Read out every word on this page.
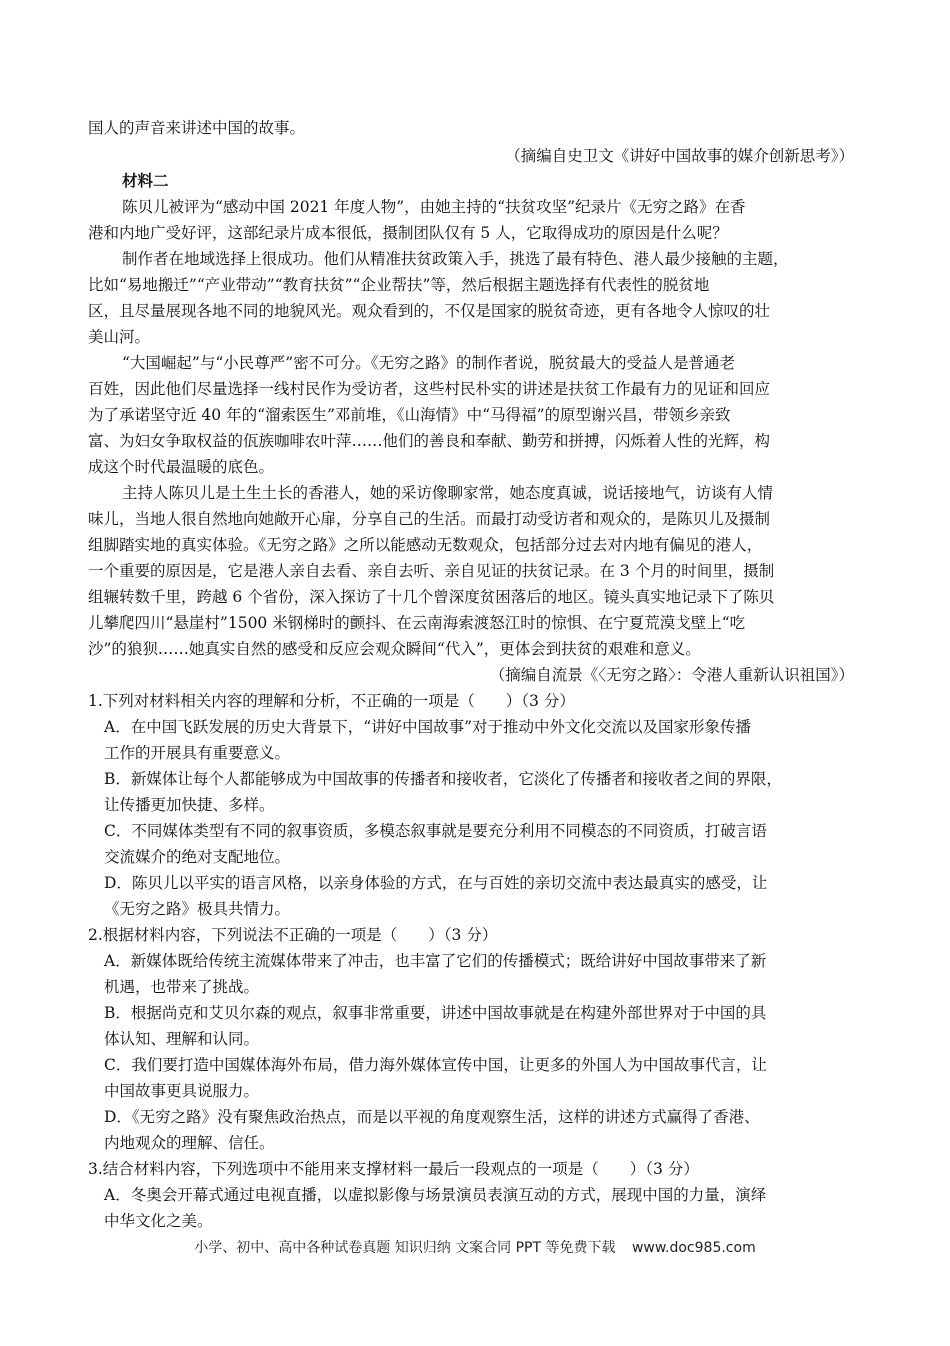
国人的声音来讲述中国的故事。
（摘编自史卫文《讲好中国故事的媒介创新思考》）
材料二
陈贝儿被评为“感动中国 2021 年度人物”，由她主持的“扶贫攻坚”纪录片《无穷之路》在香
港和内地广受好评，这部纪录片成本很低，摄制团队仅有 5 人，它取得成功的原因是什么呢？
制作者在地域选择上很成功。他们从精准扶贫政策入手，挑选了最有特色、港人最少接触的主题，
比如“易地搬迁”“产业带动”“教育扶贫”“企业帮扶”等，然后根据主题选择有代表性的脱贫地
区，且尽量展现各地不同的地貌风光。观众看到的，不仅是国家的脱贫奇迹，更有各地令人惊叹的壮
美山河。
“大国崛起”与“小民尊严”密不可分。《无穷之路》的制作者说，脱贫最大的受益人是普通老
百姓，因此他们尽量选择一线村民作为受访者，这些村民朴实的讲述是扶贫工作最有力的见证和回应
为了承诺坚守近 40 年的“溜索医生”邓前堆，《山海情》中“马得福”的原型谢兴昌，带领乡亲致
富、为妇女争取权益的佤族咖啡农叶萍……他们的善良和奉献、勤劳和拼搏，闪烁着人性的光辉，构
成这个时代最温暖的底色。
主持人陈贝儿是土生土长的香港人，她的采访像聊家常，她态度真诚，说话接地气，访谈有人情
味儿，当地人很自然地向她敞开心扉，分享自己的生活。而最打动受访者和观众的，是陈贝儿及摄制
组脚踏实地的真实体验。《无穷之路》之所以能感动无数观众，包括部分过去对内地有偏见的港人，
一个重要的原因是，它是港人亲自去看、亲自去听、亲自见证的扶贫记录。在 3 个月的时间里，摄制
组辗转数千里，跨越 6 个省份，深入探访了十几个曾深度贫困落后的地区。镜头真实地记录下了陈贝
儿攀爬四川“悬崖村”1500 米钢梯时的颤抖、在云南海索渡怒江时的惊惧、在宁夏荒漠戈壁上“吃
沙”的狼狈……她真实自然的感受和反应会观众瞬间“代入”，更体会到扶贫的艰难和意义。
（摘编自流景《〈无穷之路〉：令港人重新认识祖国》）
1.下列对材料相关内容的理解和分析，不正确的一项是（　　）（3 分）
A．在中国飞跃发展的历史大背景下，“讲好中国故事”对于推动中外文化交流以及国家形象传播
工作的开展具有重要意义。
B．新媒体让每个人都能够成为中国故事的传播者和接收者，它淡化了传播者和接收者之间的界限，
让传播更加快捷、多样。
C．不同媒体类型有不同的叙事资质，多模态叙事就是要充分利用不同模态的不同资质，打破言语
交流媒介的绝对支配地位。
D．陈贝儿以平实的语言风格，以亲身体验的方式，在与百姓的亲切交流中表达最真实的感受，让
《无穷之路》极具共情力。
2.根据材料内容，下列说法不正确的一项是（　　）（3 分）
A．新媒体既给传统主流媒体带来了冲击，也丰富了它们的传播模式；既给讲好中国故事带来了新
机遇，也带来了挑战。
B．根据尚克和艾贝尔森的观点，叙事非常重要，讲述中国故事就是在构建外部世界对于中国的具
体认知、理解和认同。
C．我们要打造中国媒体海外布局，借力海外媒体宣传中国，让更多的外国人为中国故事代言，让
中国故事更具说服力。
D．《无穷之路》没有聚焦政治热点，而是以平视的角度观察生活，这样的讲述方式赢得了香港、
内地观众的理解、信任。
3.结合材料内容，下列选项中不能用来支撑材料一最后一段观点的一项是（　　）（3 分）
A．冬奥会开幕式通过电视直播，以虚拟影像与场景演员表演互动的方式，展现中国的力量，演绎
中华文化之美。
小学、初中、高中各种试卷真题 知识归纳 文案合同 PPT 等免费下载 www.doc985.com
